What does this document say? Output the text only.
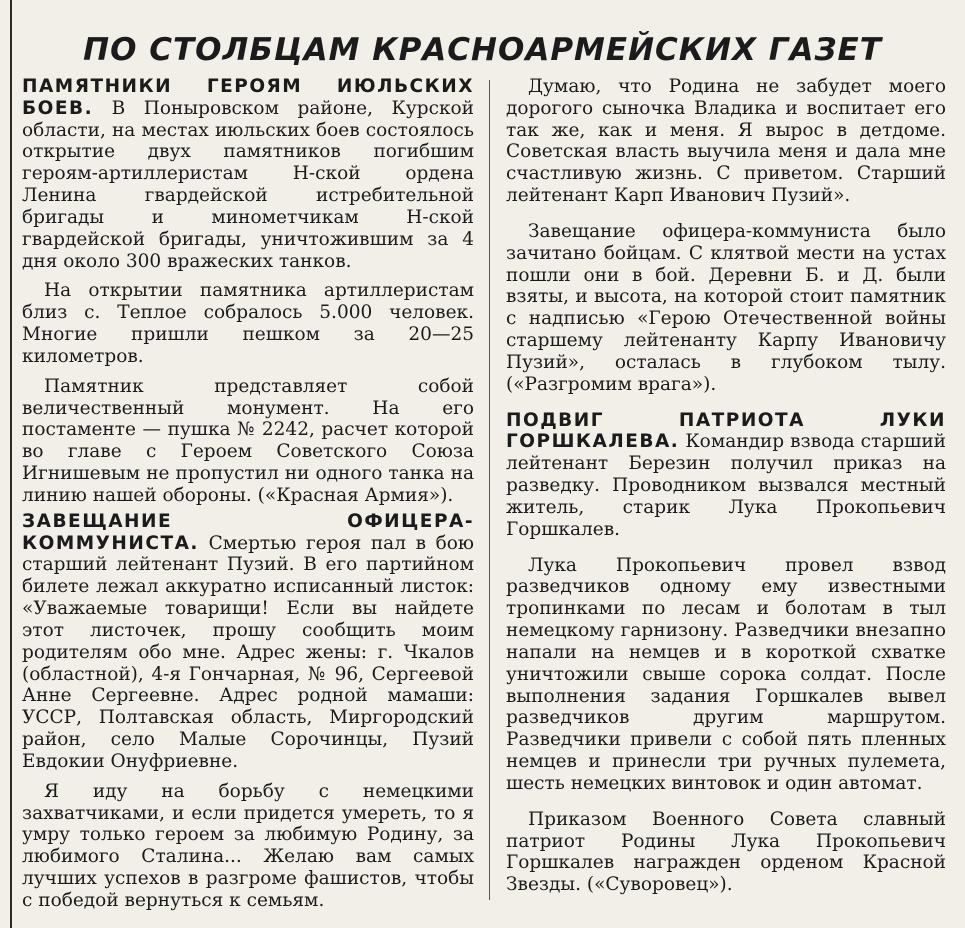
ПО СТОЛБЦАМ КРАСНОАРМЕЙСКИХ ГАЗЕТ

ПАМЯТНИКИ ГЕРОЯМ ИЮЛЬСКИХ БОЕВ. В Поныровском районе, Курской области, на местах июльских боев состоялось открытие двух памятников погибшим героям-артиллеристам Н-ской ордена Ленина гвардейской истребительной бригады и минометчикам Н-ской гвардейской бригады, уничтожившим за 4 дня около 300 вражеских танков.

На открытии памятника артиллеристам близ с. Теплое собралось 5.000 человек. Многие пришли пешком за 20—25 километров.

Памятник представляет собой величественный монумент. На его постаменте — пушка № 2242, расчет которой во главе с Героем Советского Союза Игнишевым не пропустил ни одного танка на линию нашей обороны. («Красная Армия»).

ЗАВЕЩАНИЕ ОФИЦЕРА-КОММУНИСТА. Смертью героя пал в бою старший лейтенант Пузий. В его партийном билете лежал аккуратно исписанный листок: «Уважаемые товарищи! Если вы найдете этот листочек, прошу сообщить моим родителям обо мне. Адрес жены: г. Чкалов (областной), 4-я Гончарная, № 96, Сергеевой Анне Сергеевне. Адрес родной мамаши: УССР, Полтавская область, Миргородский район, село Малые Сорочинцы, Пузий Евдокии Онуфриевне.

Я иду на борьбу с немецкими захватчиками, и если придется умереть, то я умру только героем за любимую Родину, за любимого Сталина... Желаю вам самых лучших успехов в разгроме фашистов, чтобы с победой вернуться к семьям.

Думаю, что Родина не забудет моего дорогого сыночка Владика и воспитает его так же, как и меня. Я вырос в детдоме. Советская власть выучила меня и дала мне счастливую жизнь. С приветом. Старший лейтенант Карп Иванович Пузий».

Завещание офицера-коммуниста было зачитано бойцам. С клятвой мести на устах пошли они в бой. Деревни Б. и Д. были взяты, и высота, на которой стоит памятник с надписью «Герою Отечественной войны старшему лейтенанту Карпу Ивановичу Пузий», осталась в глубоком тылу. («Разгромим врага»).

ПОДВИГ ПАТРИОТА ЛУКИ ГОРШКАЛЕВА. Командир взвода старший лейтенант Березин получил приказ на разведку. Проводником вызвался местный житель, старик Лука Прокопьевич Горшкалев.

Лука Прокопьевич провел взвод разведчиков одному ему известными тропинками по лесам и болотам в тыл немецкому гарнизону. Разведчики внезапно напали на немцев и в короткой схватке уничтожили свыше сорока солдат. После выполнения задания Горшкалев вывел разведчиков другим маршрутом. Разведчики привели с собой пять пленных немцев и принесли три ручных пулемета, шесть немецких винтовок и один автомат.

Приказом Военного Совета славный патриот Родины Лука Прокопьевич Горшкалев награжден орденом Красной Звезды. («Суворовец»).
